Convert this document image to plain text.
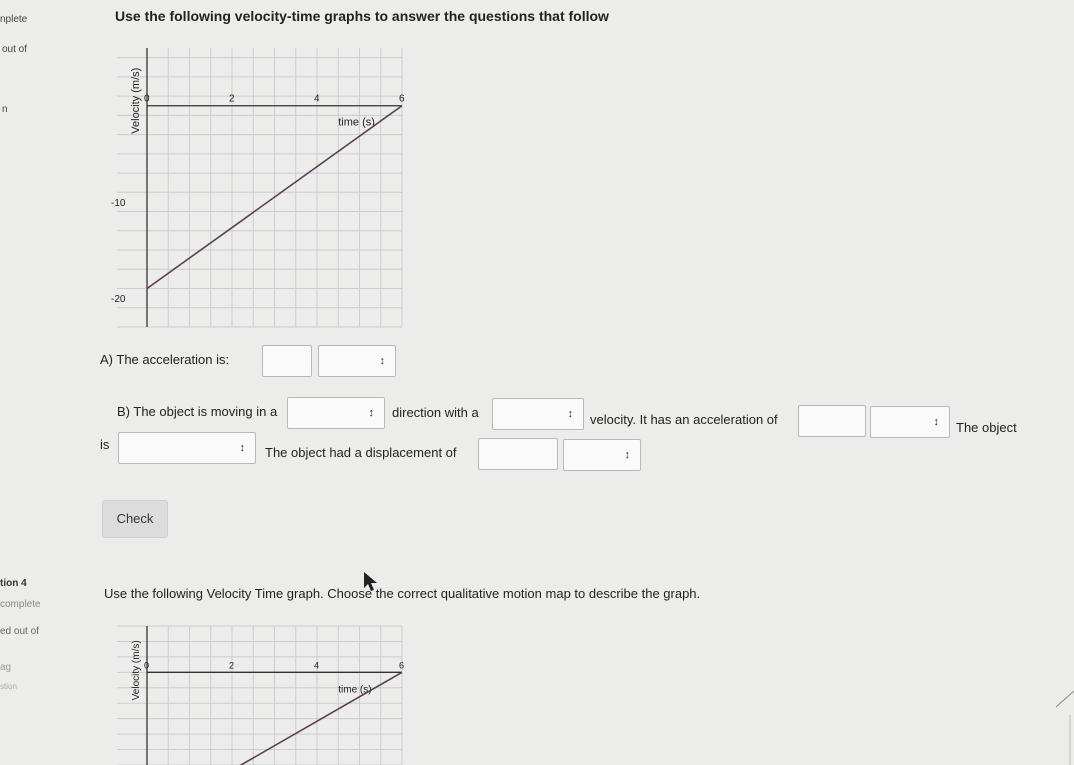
nplete
out of
n
tion 4
complete
ed out of
ag
stion
Use the following velocity-time graphs to answer the questions that follow
0	2	4	6
-10
-20
time (s)
Velocity (m/s)
A) The acceleration is:	↕
B) The object is moving in a	↕ direction with a	↕ velocity. It has an acceleration of	↕ The object
is	↕ The object had a displacement of	↕
Check
Use the following Velocity Time graph. Choose the correct qualitative motion map to describe the graph.
0	2	4	6
time (s)
Velocity (m/s)
